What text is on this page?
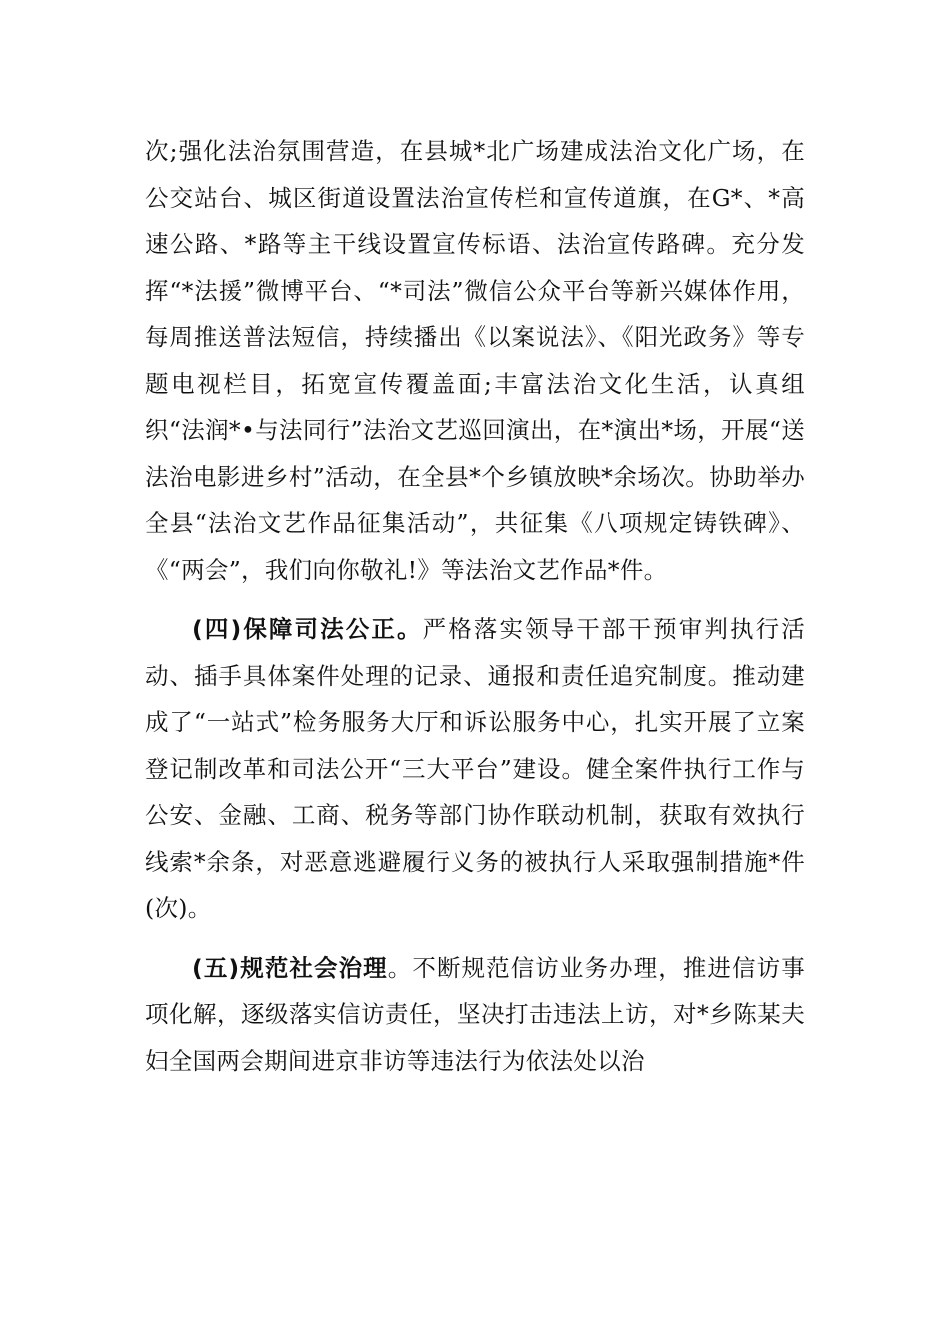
次;强化法治氛围营造，在县城*北广场建成法治文化广场，在公交站台、城区街道设置法治宣传栏和宣传道旗，在G*、*高速公路、*路等主干线设置宣传标语、法治宣传路碑。充分发挥“*法援”微博平台、“*司法”微信公众平台等新兴媒体作用，每周推送普法短信，持续播出《以案说法》、《阳光政务》等专题电视栏目，拓宽宣传覆盖面;丰富法治文化生活，认真组织“法润*•与法同行”法治文艺巡回演出，在*演出*场，开展“送法治电影进乡村”活动，在全县*个乡镇放映*余场次。协助举办全县“法治文艺作品征集活动”，共征集《八项规定铸铁碑》、《“两会”，我们向你敬礼!》等法治文艺作品*件。

(四)保障司法公正。严格落实领导干部干预审判执行活动、插手具体案件处理的记录、通报和责任追究制度。推动建成了“一站式”检务服务大厅和诉讼服务中心，扎实开展了立案登记制改革和司法公开“三大平台”建设。健全案件执行工作与公安、金融、工商、税务等部门协作联动机制，获取有效执行线索*余条，对恶意逃避履行义务的被执行人采取强制措施*件(次)。

(五)规范社会治理。不断规范信访业务办理，推进信访事项化解，逐级落实信访责任，坚决打击违法上访，对*乡陈某夫妇全国两会期间进京非访等违法行为依法处以治
